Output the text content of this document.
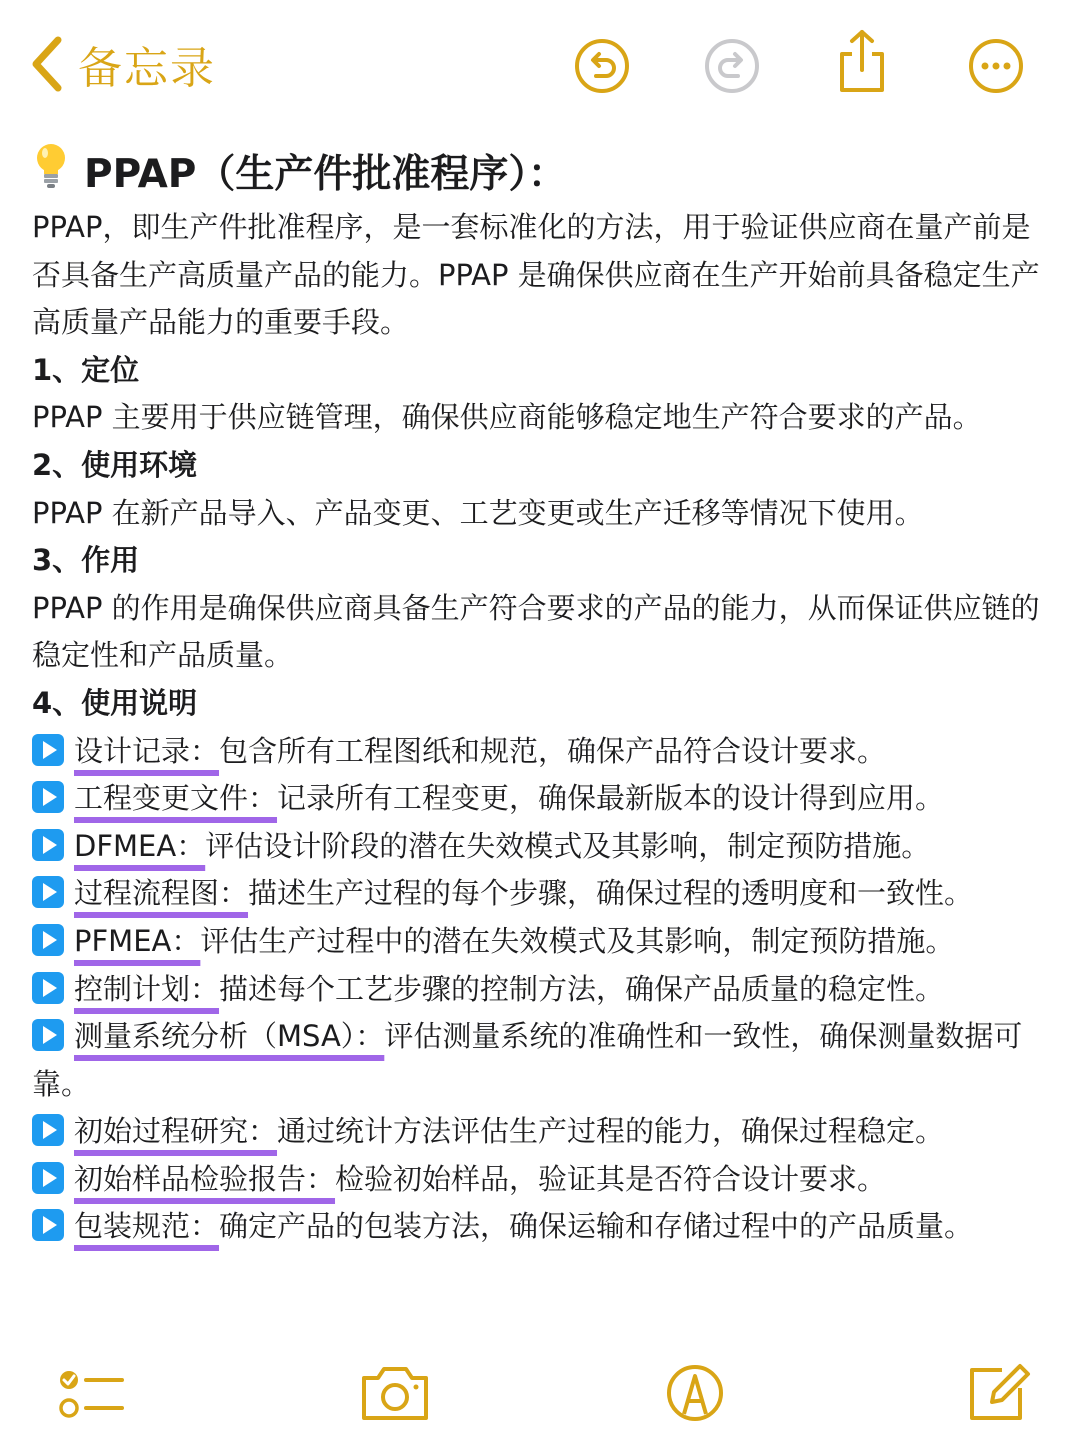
备忘录
PPAP（生产件批准程序）：

PPAP，即生产件批准程序，是一套标准化的方法，用于验证供应商在量产前是否具备生产高质量产品的能力。PPAP 是确保供应商在生产开始前具备稳定生产高质量产品能力的重要手段。

1、定位

PPAP 主要用于供应链管理，确保供应商能够稳定地生产符合要求的产品。

2、使用环境

PPAP 在新产品导入、产品变更、工艺变更或生产迁移等情况下使用。

3、作用

PPAP 的作用是确保供应商具备生产符合要求的产品的能力，从而保证供应链的稳定性和产品质量。

4、使用说明

设计记录：包含所有工程图纸和规范，确保产品符合设计要求。
工程变更文件：记录所有工程变更，确保最新版本的设计得到应用。
DFMEA：评估设计阶段的潜在失效模式及其影响，制定预防措施。
过程流程图：描述生产过程的每个步骤，确保过程的透明度和一致性。
PFMEA：评估生产过程中的潜在失效模式及其影响，制定预防措施。
控制计划：描述每个工艺步骤的控制方法，确保产品质量的稳定性。
测量系统分析（MSA）：评估测量系统的准确性和一致性，确保测量数据可靠。
初始过程研究：通过统计方法评估生产过程的能力，确保过程稳定。
初始样品检验报告：检验初始样品，验证其是否符合设计要求。
包装规范：确定产品的包装方法，确保运输和存储过程中的产品质量。
